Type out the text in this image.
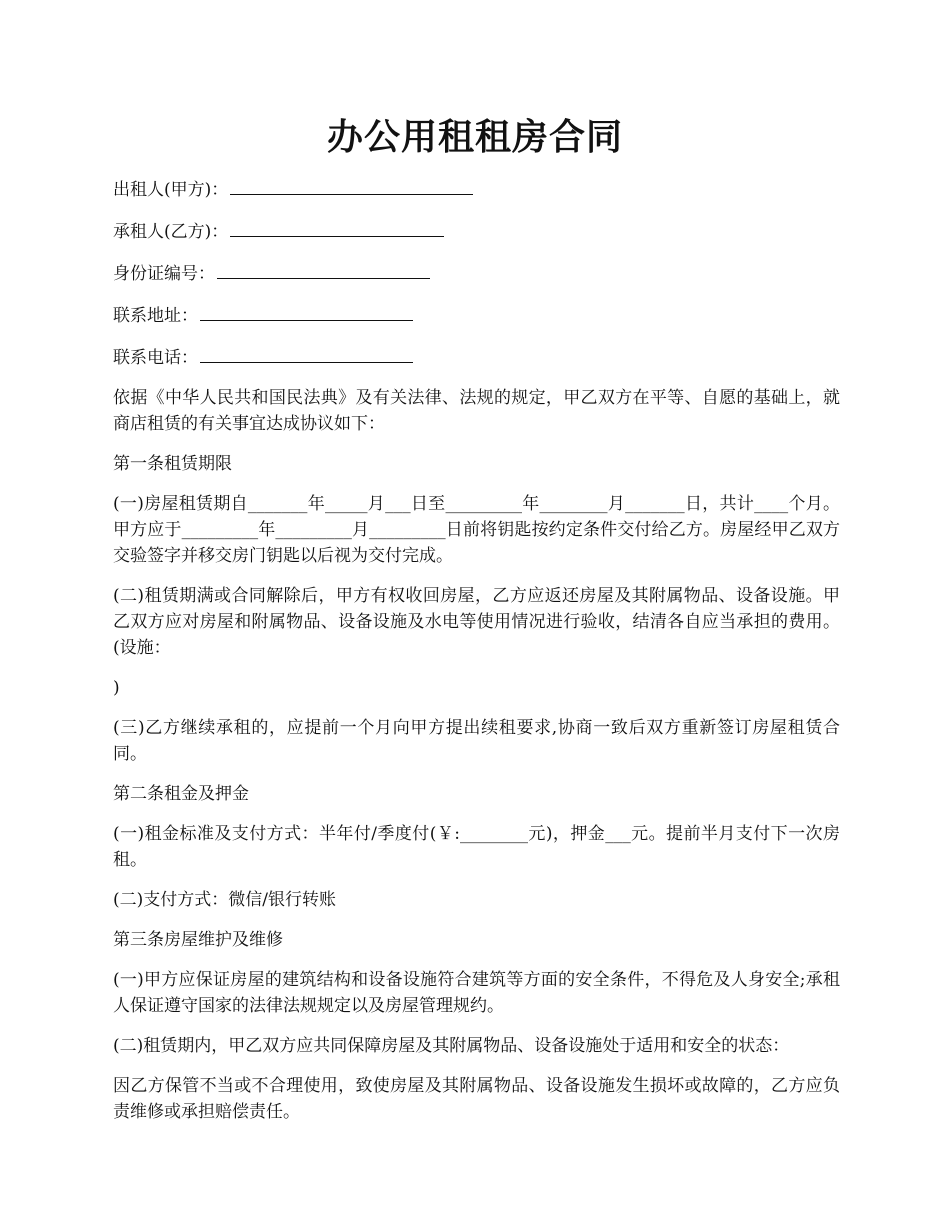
办公用租租房合同

出租人(甲方)：

承租人(乙方)：

身份证编号：

联系地址：

联系电话：

依据《中华人民共和国民法典》及有关法律、法规的规定，甲乙双方在平等、自愿的基础上，就商店租赁的有关事宜达成协议如下：

第一条租赁期限

(一)房屋租赁期自_______年_____月___日至_________年________月_______日，共计____个月。甲方应于_________年_________月_________日前将钥匙按约定条件交付给乙方。房屋经甲乙双方交验签字并移交房门钥匙以后视为交付完成。

(二)租赁期满或合同解除后，甲方有权收回房屋，乙方应返还房屋及其附属物品、设备设施。甲乙双方应对房屋和附属物品、设备设施及水电等使用情况进行验收，结清各自应当承担的费用。(设施：

)

(三)乙方继续承租的，应提前一个月向甲方提出续租要求,协商一致后双方重新签订房屋租赁合同。

第二条租金及押金

(一)租金标准及支付方式：半年付/季度付(￥:________元)，押金___元。提前半月支付下一次房租。

(二)支付方式：微信/银行转账

第三条房屋维护及维修

(一)甲方应保证房屋的建筑结构和设备设施符合建筑等方面的安全条件，不得危及人身安全;承租人保证遵守国家的法律法规规定以及房屋管理规约。

(二)租赁期内，甲乙双方应共同保障房屋及其附属物品、设备设施处于适用和安全的状态：

因乙方保管不当或不合理使用，致使房屋及其附属物品、设备设施发生损坏或故障的，乙方应负责维修或承担赔偿责任。
